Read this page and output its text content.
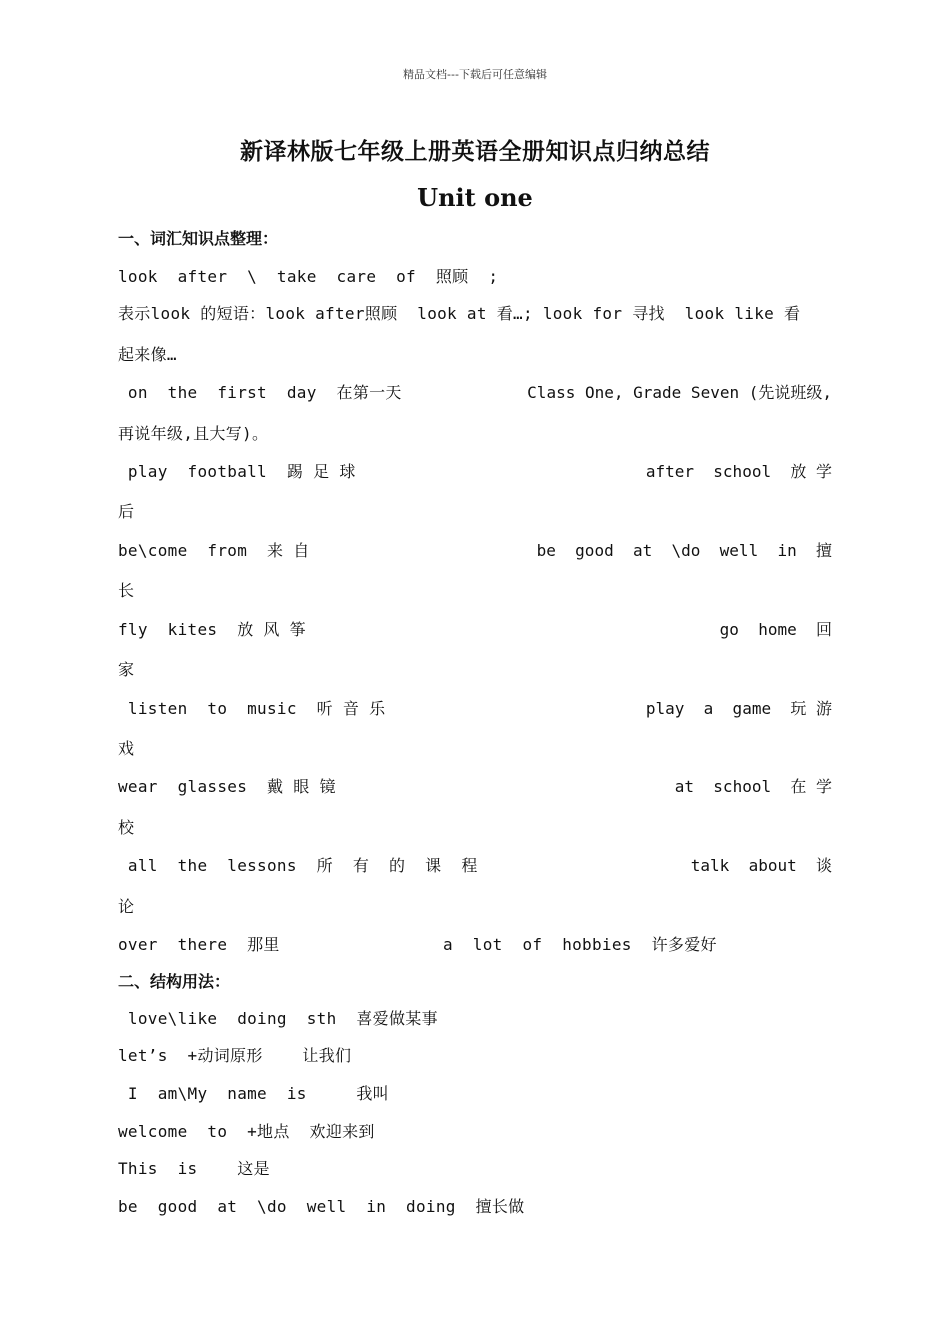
精品文档---下载后可任意编辑
新译林版七年级上册英语全册知识点归纳总结
Unit one
一、词汇知识点整理：
look  after  \  take  care  of  照顾  ;
表示look 的短语：look after照顾  look at 看…; look for 寻找  look like 看
起来像…
on  the  first  day  在第一天	Class One, Grade Seven (先说班级,
再说年级,且大写)。
play  football  踢 足 球	after  school  放 学
后
be\come  from  来 自	be  good  at  \do  well  in  擅
长
fly  kites  放 风 筝	go  home  回
家
listen  to  music  听 音 乐	play  a  game  玩 游
戏
wear  glasses  戴 眼 镜	at  school  在 学
校
all  the  lessons  所  有  的  课  程	talk  about  谈
论
over  there  那里	a  lot  of  hobbies  许多爱好
二、结构用法：
love\like  doing  sth  喜爱做某事
let’s  +动词原形    让我们
I  am\My  name  is     我叫
welcome  to  +地点  欢迎来到
This  is    这是
be  good  at  \do  well  in  doing  擅长做
